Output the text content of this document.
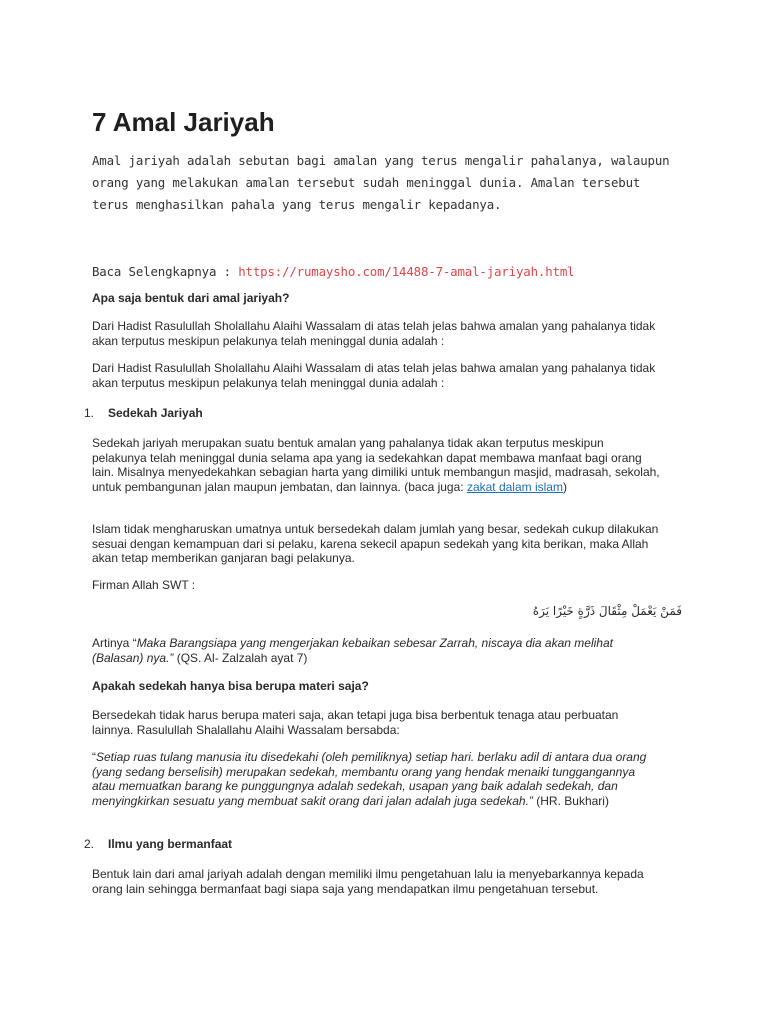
7 Amal Jariyah

Amal jariyah adalah sebutan bagi amalan yang terus mengalir pahalanya, walaupun orang yang melakukan amalan tersebut sudah meninggal dunia. Amalan tersebut terus menghasilkan pahala yang terus mengalir kepadanya.

Baca Selengkapnya : https://rumaysho.com/14488-7-amal-jariyah.html

Apa saja bentuk dari amal jariyah?

Dari Hadist Rasulullah Sholallahu Alaihi Wassalam di atas telah jelas bahwa amalan yang pahalanya tidak akan terputus meskipun pelakunya telah meninggal dunia adalah :

Dari Hadist Rasulullah Sholallahu Alaihi Wassalam di atas telah jelas bahwa amalan yang pahalanya tidak akan terputus meskipun pelakunya telah meninggal dunia adalah :

1. Sedekah Jariyah

Sedekah jariyah merupakan suatu bentuk amalan yang pahalanya tidak akan terputus meskipun pelakunya telah meninggal dunia selama apa yang ia sedekahkan dapat membawa manfaat bagi orang lain. Misalnya menyedekahkan sebagian harta yang dimiliki untuk membangun masjid, madrasah, sekolah, untuk pembangunan jalan maupun jembatan, dan lainnya. (baca juga: zakat dalam islam)

Islam tidak mengharuskan umatnya untuk bersedekah dalam jumlah yang besar, sedekah cukup dilakukan sesuai dengan kemampuan dari si pelaku, karena sekecil apapun sedekah yang kita berikan, maka Allah akan tetap memberikan ganjaran bagi pelakunya.

Firman Allah SWT :

فَمَنْ يَعْمَلْ مِثْقَالَ ذَرَّةٍ خَيْرًا يَرَهُ

Artinya “Maka Barangsiapa yang mengerjakan kebaikan sebesar Zarrah, niscaya dia akan melihat (Balasan) nya.” (QS. Al- Zalzalah ayat 7)

Apakah sedekah hanya bisa berupa materi saja?

Bersedekah tidak harus berupa materi saja, akan tetapi juga bisa berbentuk tenaga atau perbuatan lainnya. Rasulullah Shalallahu Alaihi Wassalam bersabda:

“Setiap ruas tulang manusia itu disedekahi (oleh pemiliknya) setiap hari. berlaku adil di antara dua orang (yang sedang berselisih) merupakan sedekah, membantu orang yang hendak menaiki tunggangannya atau memuatkan barang ke punggungnya adalah sedekah, usapan yang baik adalah sedekah, dan menyingkirkan sesuatu yang membuat sakit orang dari jalan adalah juga sedekah.” (HR. Bukhari)

2. Ilmu yang bermanfaat

Bentuk lain dari amal jariyah adalah dengan memiliki ilmu pengetahuan lalu ia menyebarkannya kepada orang lain sehingga bermanfaat bagi siapa saja yang mendapatkan ilmu pengetahuan tersebut.
